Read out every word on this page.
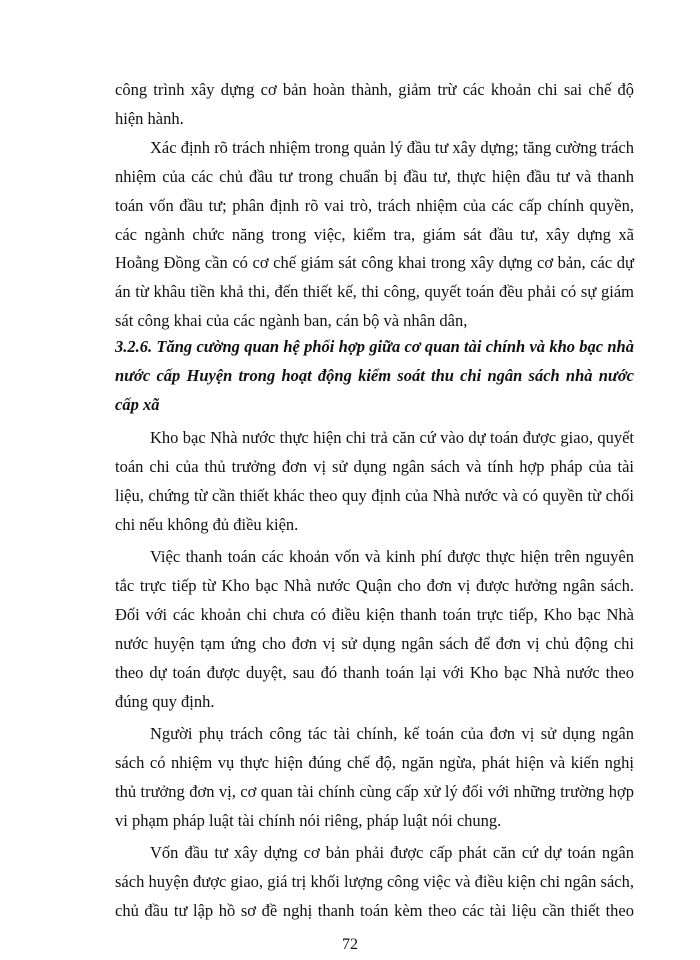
công trình xây dựng cơ bản hoàn thành, giảm trừ các khoản chi sai chế độ
hiện hành.
Xác định rõ trách nhiệm trong quản lý đầu tư xây dựng; tăng cường trách
nhiệm của các chủ đầu tư trong chuẩn bị đầu tư, thực hiện đầu tư và thanh
toán vốn đầu tư; phân định rõ vai trò, trách nhiệm của các cấp chính quyền,
các ngành chức năng trong việc, kiểm tra, giám sát đầu tư, xây dựng xã
Hoằng Đồng cần có cơ chế giám sát công khai trong xây dựng cơ bản, các dự
án từ khâu tiền khả thi, đến thiết kế, thi công, quyết toán đều phải có sự giám
sát công khai của các ngành ban, cán bộ và nhân dân,
3.2.6. Tăng cường quan hệ phối hợp giữa cơ quan tài chính và kho bạc nhà
nước cấp Huyện trong hoạt động kiểm soát thu chi ngân sách nhà nước
cấp xã
Kho bạc Nhà nước thực hiện chi trả căn cứ vào dự toán được giao, quyết
toán chi của thủ trưởng đơn vị sử dụng ngân sách và tính hợp pháp của tài
liệu, chứng từ cần thiết khác theo quy định của Nhà nước và có quyền từ chối
chi nếu không đủ điều kiện.
Việc thanh toán các khoản vốn và kinh phí được thực hiện trên nguyên
tắc trực tiếp từ Kho bạc Nhà nước Quận cho đơn vị được hưởng ngân sách.
Đối với các khoản chi chưa có điều kiện thanh toán trực tiếp, Kho bạc Nhà
nước huyện tạm ứng cho đơn vị sử dụng ngân sách để đơn vị chủ động chi
theo dự toán được duyệt, sau đó thanh toán lại với Kho bạc Nhà nước theo
đúng quy định.
Người phụ trách công tác tài chính, kế toán của đơn vị sử dụng ngân
sách có nhiệm vụ thực hiện đúng chế độ, ngăn ngừa, phát hiện và kiến nghị
thủ trưởng đơn vị, cơ quan tài chính cùng cấp xử lý đối với những trường hợp
vi phạm pháp luật tài chính nói riêng, pháp luật nói chung.
Vốn đầu tư xây dựng cơ bản phải được cấp phát căn cứ dự toán ngân
sách huyện được giao, giá trị khối lượng công việc và điều kiện chi ngân sách,
chủ đầu tư lập hồ sơ đề nghị thanh toán kèm theo các tài liệu cần thiết theo
72
